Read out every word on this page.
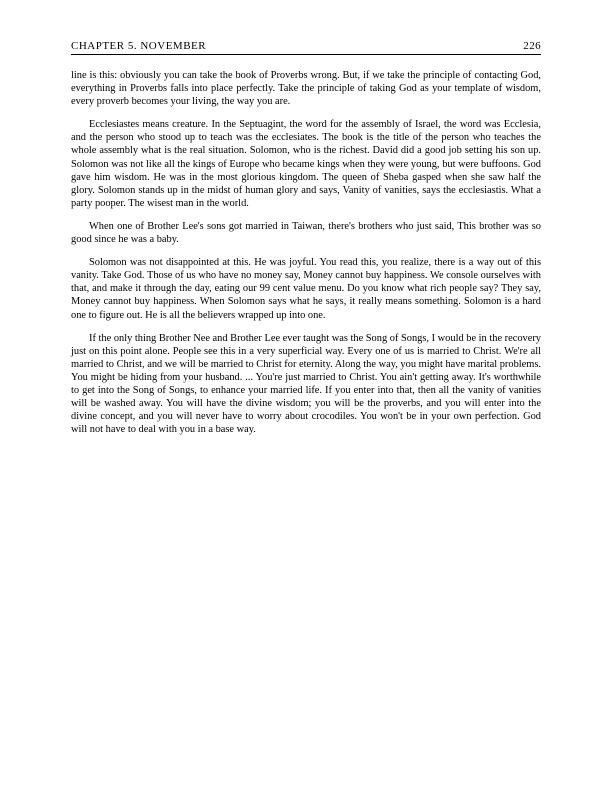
CHAPTER 5. NOVEMBER	226

line is this: obviously you can take the book of Proverbs wrong. But, if we take the principle of contacting God, everything in Proverbs falls into place perfectly. Take the principle of taking God as your template of wisdom, every proverb becomes your living, the way you are.

Ecclesiastes means creature. In the Septuagint, the word for the assembly of Israel, the word was Ecclesia, and the person who stood up to teach was the ecclesiates. The book is the title of the person who teaches the whole assembly what is the real situation. Solomon, who is the richest. David did a good job setting his son up. Solomon was not like all the kings of Europe who became kings when they were young, but were buffoons. God gave him wisdom. He was in the most glorious kingdom. The queen of Sheba gasped when she saw half the glory. Solomon stands up in the midst of human glory and says, Vanity of vanities, says the ecclesiastis. What a party pooper. The wisest man in the world.

When one of Brother Lee's sons got married in Taiwan, there's brothers who just said, This brother was so good since he was a baby.

Solomon was not disappointed at this. He was joyful. You read this, you realize, there is a way out of this vanity. Take God. Those of us who have no money say, Money cannot buy happiness. We console ourselves with that, and make it through the day, eating our 99 cent value menu. Do you know what rich people say? They say, Money cannot buy happiness. When Solomon says what he says, it really means something. Solomon is a hard one to figure out. He is all the believers wrapped up into one.

If the only thing Brother Nee and Brother Lee ever taught was the Song of Songs, I would be in the recovery just on this point alone. People see this in a very superficial way. Every one of us is married to Christ. We're all married to Christ, and we will be married to Christ for eternity. Along the way, you might have marital problems. You might be hiding from your husband. ... You're just married to Christ. You ain't getting away. It's worthwhile to get into the Song of Songs, to enhance your married life. If you enter into that, then all the vanity of vanities will be washed away. You will have the divine wisdom; you will be the proverbs, and you will enter into the divine concept, and you will never have to worry about crocodiles. You won't be in your own perfection. God will not have to deal with you in a base way.
